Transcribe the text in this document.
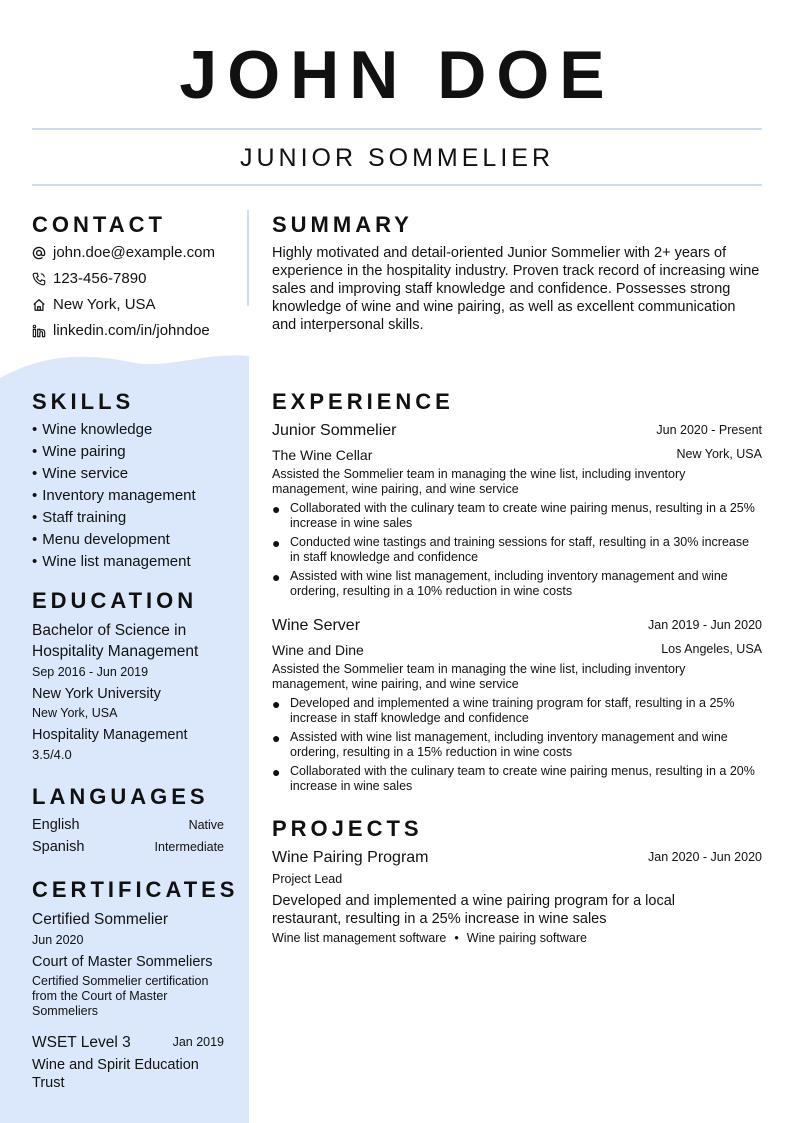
JOHN DOE
JUNIOR SOMMELIER
CONTACT
john.doe@example.com
123-456-7890
New York, USA
linkedin.com/in/johndoe
SKILLS
• Wine knowledge
• Wine pairing
• Wine service
• Inventory management
• Staff training
• Menu development
• Wine list management
EDUCATION
Bachelor of Science in Hospitality Management
Sep 2016 - Jun 2019
New York University
New York, USA
Hospitality Management
3.5/4.0
LANGUAGES
English	Native
Spanish	Intermediate
CERTIFICATES
Certified Sommelier
Jun 2020
Court of Master Sommeliers
Certified Sommelier certification from the Court of Master Sommeliers
WSET Level 3	Jan 2019
Wine and Spirit Education Trust
SUMMARY

Highly motivated and detail-oriented Junior Sommelier with 2+ years of experience in the hospitality industry. Proven track record of increasing wine sales and improving staff knowledge and confidence. Possesses strong knowledge of wine and wine pairing, as well as excellent communication and interpersonal skills.

EXPERIENCE
Junior Sommelier	Jun 2020 - Present
The Wine Cellar	New York, USA
Assisted the Sommelier team in managing the wine list, including inventory management, wine pairing, and wine service
● Collaborated with the culinary team to create wine pairing menus, resulting in a 25% increase in wine sales
● Conducted wine tastings and training sessions for staff, resulting in a 30% increase in staff knowledge and confidence
● Assisted with wine list management, including inventory management and wine ordering, resulting in a 10% reduction in wine costs
Wine Server	Jan 2019 - Jun 2020
Wine and Dine	Los Angeles, USA
Assisted the Sommelier team in managing the wine list, including inventory management, wine pairing, and wine service
● Developed and implemented a wine training program for staff, resulting in a 25% increase in staff knowledge and confidence
● Assisted with wine list management, including inventory management and wine ordering, resulting in a 15% reduction in wine costs
● Collaborated with the culinary team to create wine pairing menus, resulting in a 20% increase in wine sales
PROJECTS
Wine Pairing Program	Jan 2020 - Jun 2020
Project Lead

Developed and implemented a wine pairing program for a local restaurant, resulting in a 25% increase in wine sales

Wine list management software • Wine pairing software
